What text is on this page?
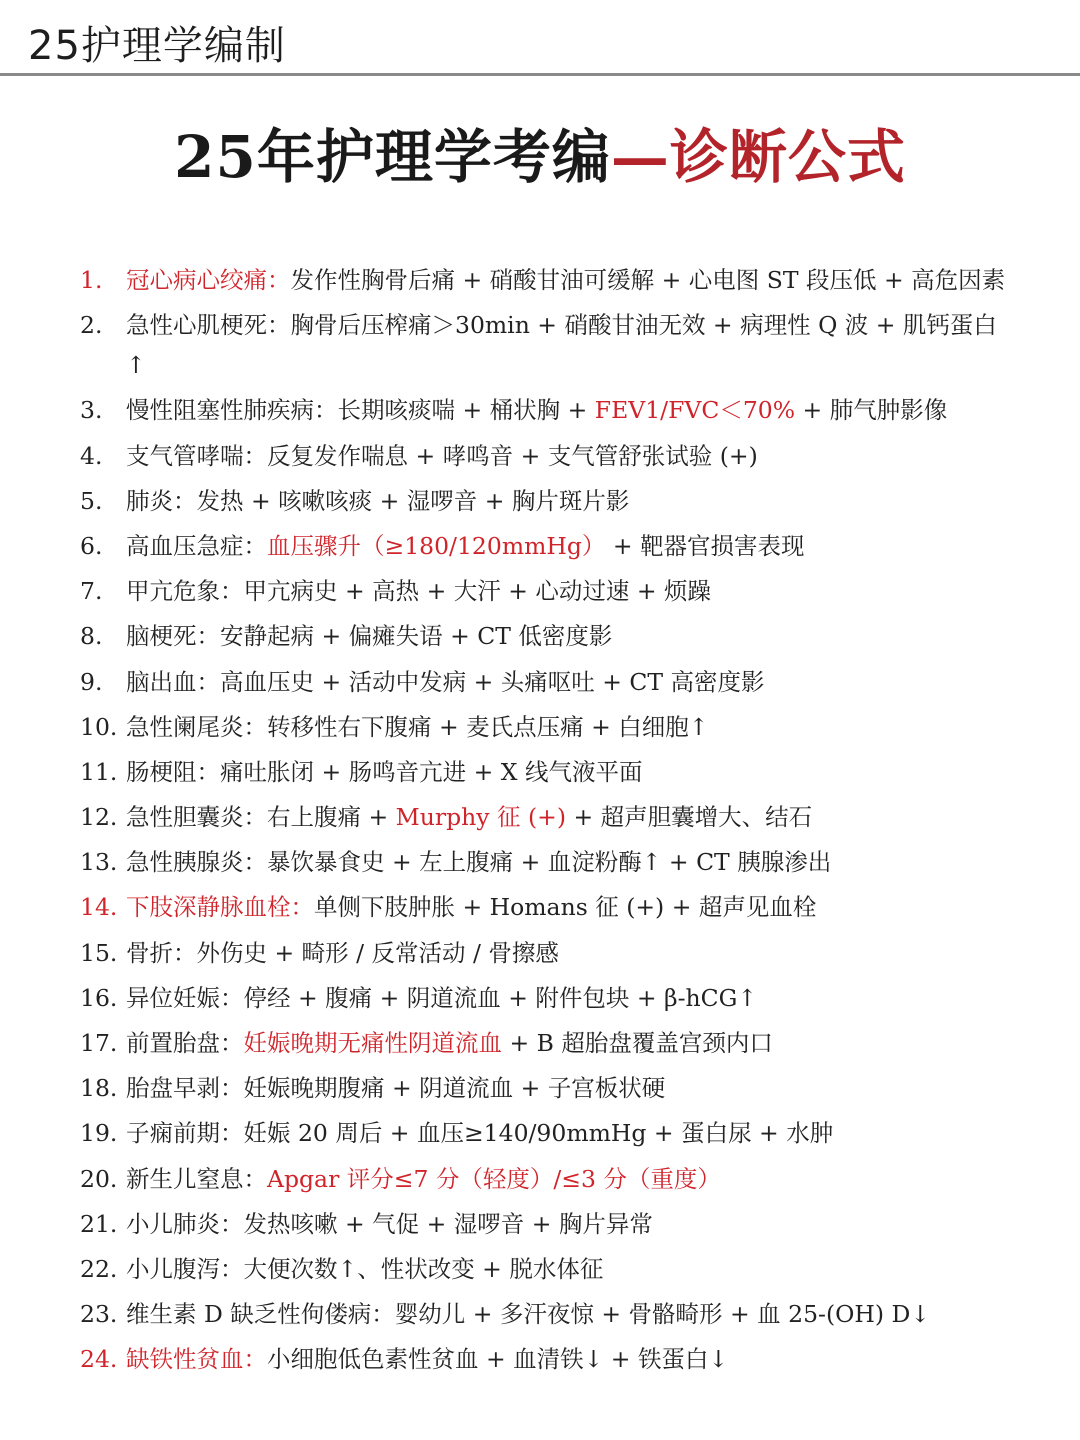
25护理学编制
25年护理学考编—诊断公式
1.	冠心病心绞痛：发作性胸骨后痛 + 硝酸甘油可缓解 + 心电图 ST 段压低 + 高危因素
2.	急性心肌梗死：胸骨后压榨痛＞30min + 硝酸甘油无效 + 病理性 Q 波 + 肌钙蛋白↑
3.	慢性阻塞性肺疾病：长期咳痰喘 + 桶状胸 + FEV1/FVC＜70% + 肺气肿影像
4.	支气管哮喘：反复发作喘息 + 哮鸣音 + 支气管舒张试验 (+)
5.	肺炎：发热 + 咳嗽咳痰 + 湿啰音 + 胸片斑片影
6.	高血压急症：血压骤升（≥180/120mmHg） + 靶器官损害表现
7.	甲亢危象：甲亢病史 + 高热 + 大汗 + 心动过速 + 烦躁
8.	脑梗死：安静起病 + 偏瘫失语 + CT 低密度影
9.	脑出血：高血压史 + 活动中发病 + 头痛呕吐 + CT 高密度影
10. 急性阑尾炎：转移性右下腹痛 + 麦氏点压痛 + 白细胞↑
11. 肠梗阻：痛吐胀闭 + 肠鸣音亢进 + X 线气液平面
12. 急性胆囊炎：右上腹痛 + Murphy 征 (+) + 超声胆囊增大、结石
13. 急性胰腺炎：暴饮暴食史 + 左上腹痛 + 血淀粉酶↑ + CT 胰腺渗出
14. 下肢深静脉血栓：单侧下肢肿胀 + Homans 征 (+) + 超声见血栓
15. 骨折：外伤史 + 畸形 / 反常活动 / 骨擦感
16. 异位妊娠：停经 + 腹痛 + 阴道流血 + 附件包块 + β-hCG↑
17. 前置胎盘：妊娠晚期无痛性阴道流血 + B 超胎盘覆盖宫颈内口
18. 胎盘早剥：妊娠晚期腹痛 + 阴道流血 + 子宫板状硬
19. 子痫前期：妊娠 20 周后 + 血压≥140/90mmHg + 蛋白尿 + 水肿
20. 新生儿窒息：Apgar 评分≤7 分（轻度）/≤3 分（重度）
21. 小儿肺炎：发热咳嗽 + 气促 + 湿啰音 + 胸片异常
22. 小儿腹泻：大便次数↑、性状改变 + 脱水体征
23. 维生素 D 缺乏性佝偻病：婴幼儿 + 多汗夜惊 + 骨骼畸形 + 血 25-(OH) D↓
24. 缺铁性贫血：小细胞低色素性贫血 + 血清铁↓ + 铁蛋白↓
